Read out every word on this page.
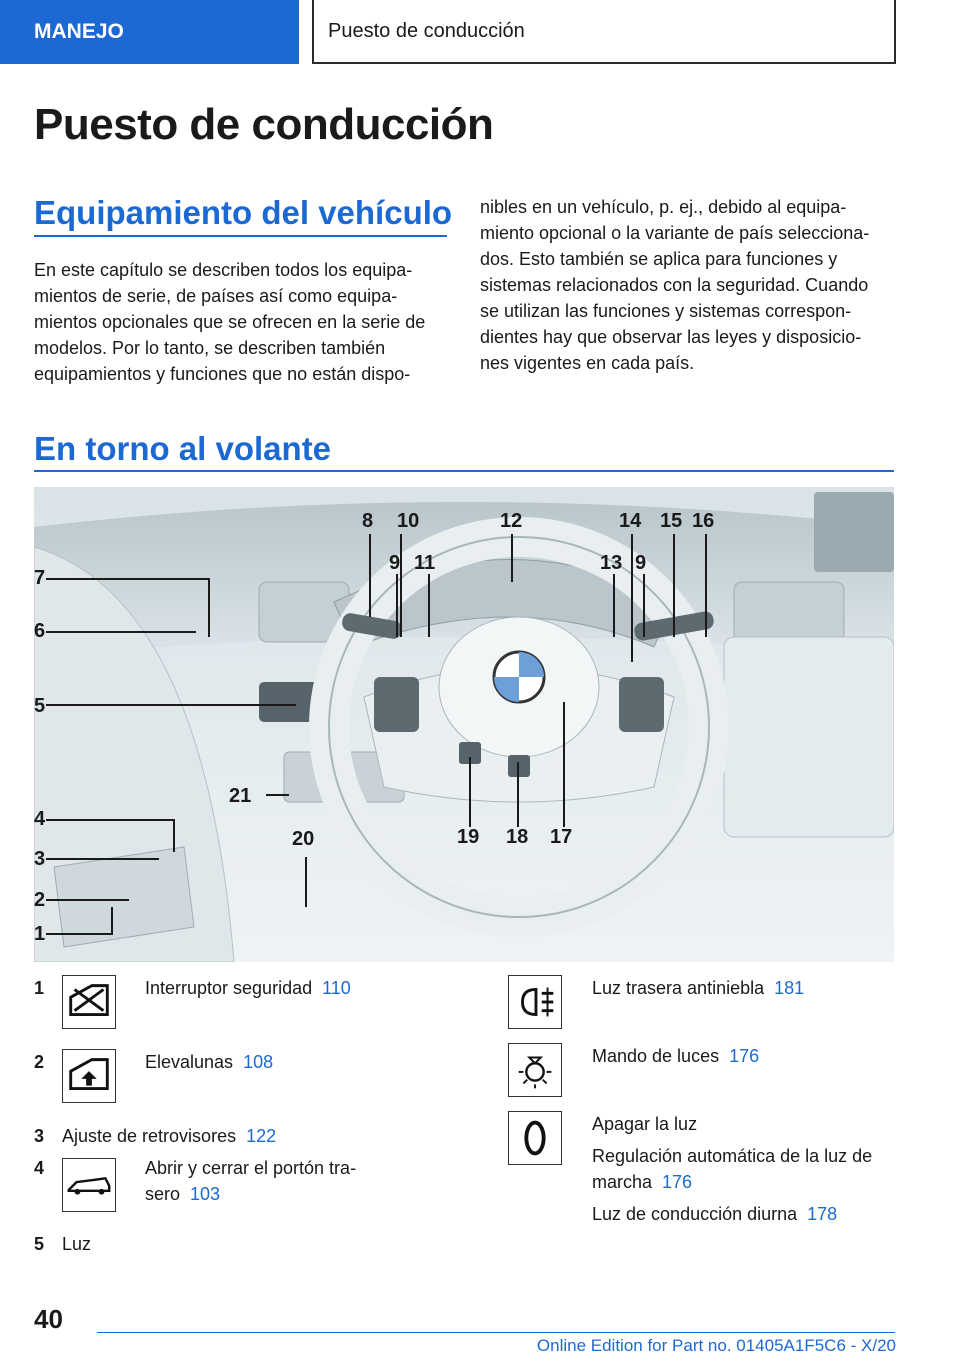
MANEJO	Puesto de conducción
Puesto de conducción
Equipamiento del vehículo
En este capítulo se describen todos los equipa-
mientos de serie, de países así como equipa-
mientos opcionales que se ofrecen en la serie de
modelos. Por lo tanto, se describen también
equipamientos y funciones que no están dispo-
nibles en un vehículo, p. ej., debido al equipa-
miento opcional o la variante de país selecciona-
dos. Esto también se aplica para funciones y
sistemas relacionados con la seguridad. Cuando
se utilizan las funciones y sistemas correspon-
dientes hay que observar las leyes y disposicio-
nes vigentes en cada país.
En torno al volante
7
6
5
4
3
2
1
8
9
10
11
12
13
14
9
15 16
17
18
19
20
21
1	Interruptor seguridad 110
2	Elevalunas 108
3 Ajuste de retrovisores 122
4	Abrir y cerrar el portón tra-
sero 103
5 Luz
Luz trasera antiniebla 181
Mando de luces 176
Apagar la luz
Regulación automática de la luz de
marcha 176
Luz de conducción diurna 178
40
Online Edition for Part no. 01405A1F5C6 - X/20
